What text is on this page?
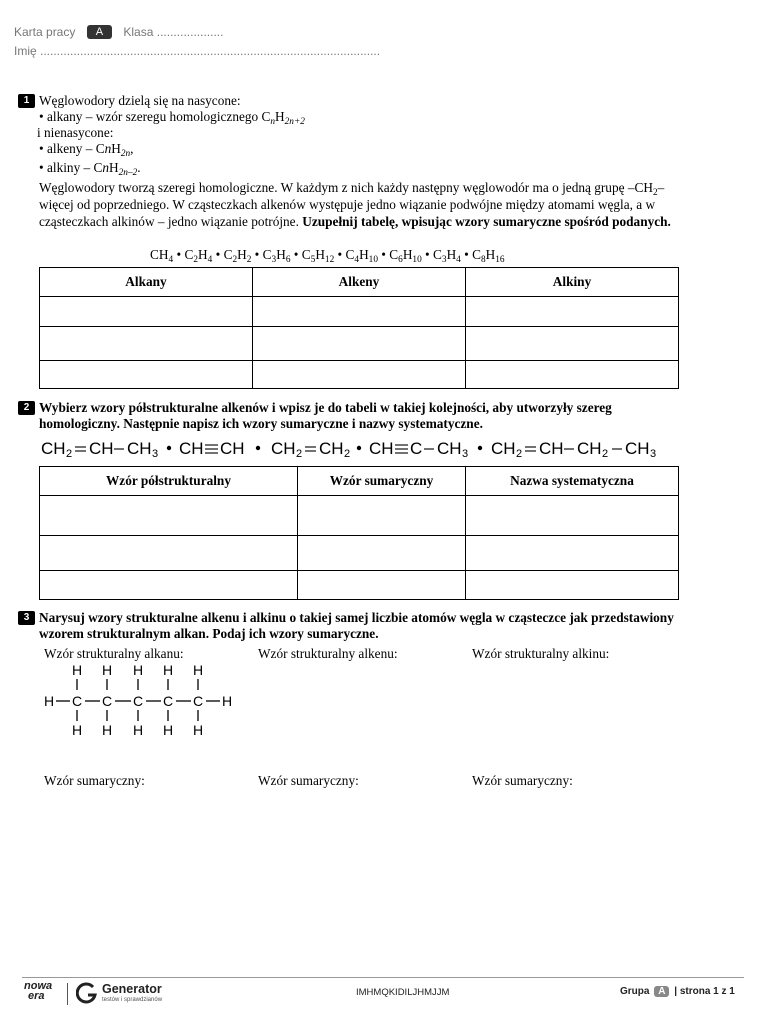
Karta pracy A Klasa ....................
Imię ......................................................................................................
1 Węglowodory dzielą się na nasycone:
• alkany – wzór szeregu homologicznego $C_nH_{2n+2}$
i nienasycone:
• alkeny – CnH$_{2n}$,
• alkiny – CnH$_{2n-2}$.
Węglowodory tworzą szeregi homologiczne. W każdym z nich każdy następny węglowodór ma o jedną grupę $-CH_2-$ więcej od poprzedniego. W cząsteczkach alkenów występuje jedno wiązanie podwójne między atomami węgla, a w cząsteczkach alkinów – jedno wiązanie potrójne. Uzupełnij tabelę, wpisując wzory sumaryczne spośród podanych.
$CH_4$ • $C_2H_4$ • $C_2H_2$ • $C_3H_6$ • $C_5H_{12}$ • $C_4H_{10}$ • $C_6H_{10}$ • $C_3H_4$ • $C_8H_{16}$
Alkany	Alkeny	Alkiny

2 Wybierz wzory półstrukturalne alkenów i wpisz je do tabeli w takiej kolejności, aby utworzyły szereg homologiczny. Następnie napisz ich wzory sumaryczne i nazwy systematyczne.
CH 2 CH CH 3 CH CH CH 2 CH 2 CH C CH 3 CH 2 CH CH 2 CH 3
Wzór półstrukturalny	Wzór sumaryczny	Nazwa systematyczna

3 Narysuj wzory strukturalne alkenu i alkinu o takiej samej liczbie atomów węgla w cząsteczce jak przedstawiony wzorem strukturalnym alkan. Podaj ich wzory sumaryczne.
Wzór strukturalny alkanu:	Wzór strukturalny alkenu:	Wzór strukturalny alkinu:
H C C C C C H
H H H H H
H H H H H
Wzór sumaryczny:	Wzór sumaryczny:	Wzór sumaryczny:
nowa
era	Generator
testów i sprawdzianów
IMHMQKIDILJHMJJM	Grupa A | strona 1 z 1
